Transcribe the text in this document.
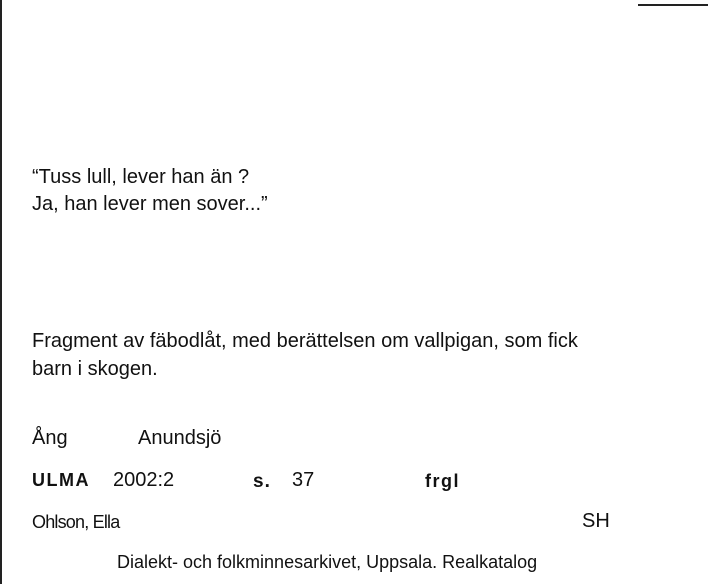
“Tuss lull, lever han än ?
Ja, han lever men sover...”
Fragment av fäbodlåt, med berättelsen om vallpigan, som fick
barn i skogen.
Ång	Anundsjö
ULMA 2002:2	s. 37	frgl
Ohlson, Ella	SH
Dialekt- och folkminnesarkivet, Uppsala. Realkatalog
